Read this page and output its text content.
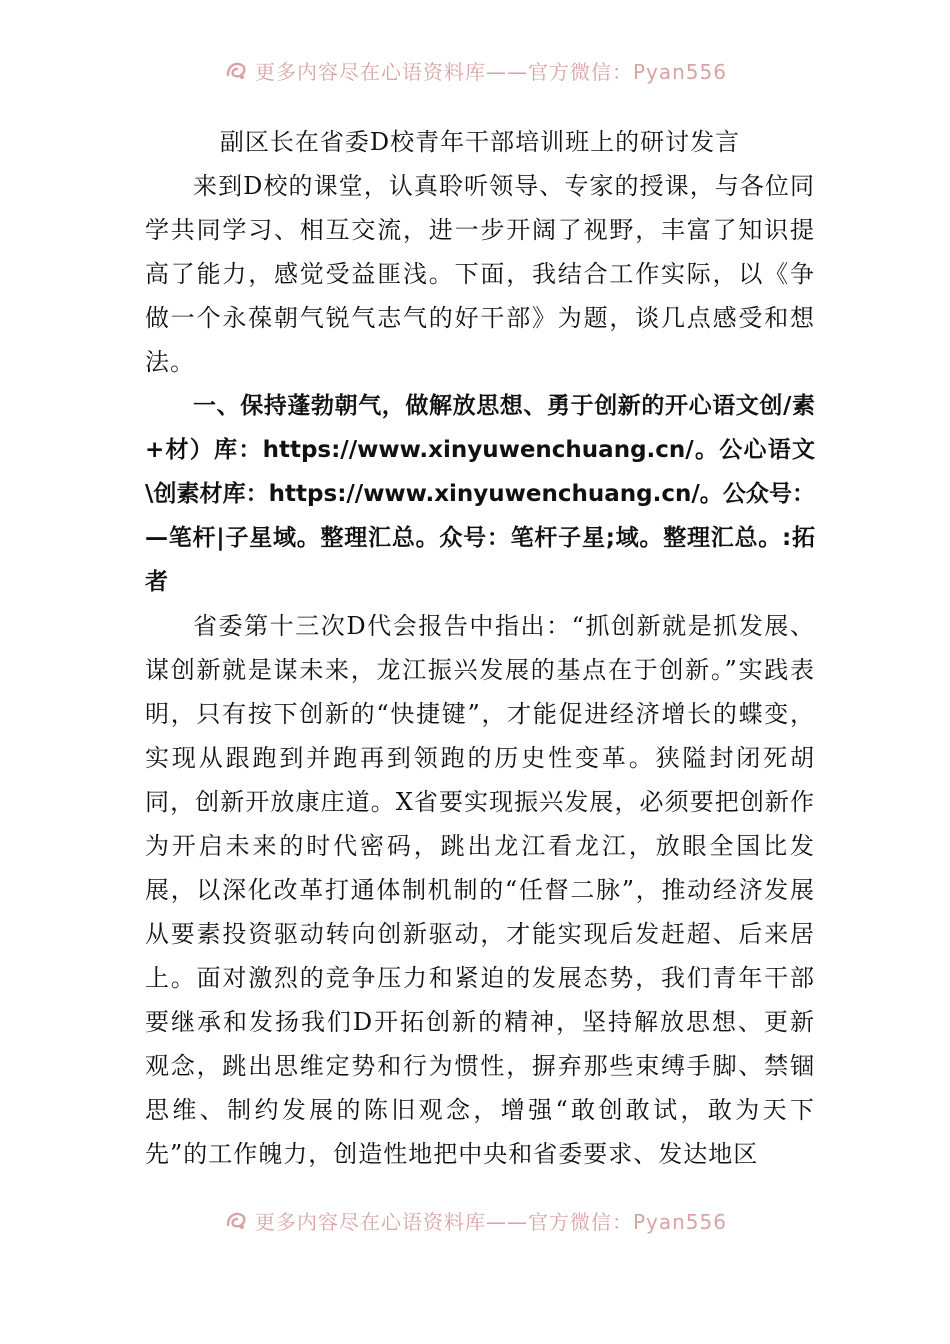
更多内容尽在心语资料库——官方微信：Pyan556
副区长在省委D校青年干部培训班上的研讨发言

来到D校的课堂，认真聆听领导、专家的授课，与各位同学共同学习、相互交流，进一步开阔了视野，丰富了知识提高了能力，感觉受益匪浅。下面，我结合工作实际，以《争做一个永葆朝气锐气志气的好干部》为题，谈几点感受和想法。

一、保持蓬勃朝气，做解放思想、勇于创新的开心语文创/素+材）库：https://www.xinyuwenchuang.cn/。公心语文\创素材库：https://www.xinyuwenchuang.cn/。公众号：—笔杆|子星域。整理汇总。众号：笔杆子星;域。整理汇总。:拓者

省委第十三次D代会报告中指出：“抓创新就是抓发展、谋创新就是谋未来，龙江振兴发展的基点在于创新。”实践表明，只有按下创新的“快捷键”，才能促进经济增长的蝶变，实现从跟跑到并跑再到领跑的历史性变革。狭隘封闭死胡同，创新开放康庄道。X省要实现振兴发展，必须要把创新作为开启未来的时代密码，跳出龙江看龙江，放眼全国比发展，以深化改革打通体制机制的“任督二脉”，推动经济发展从要素投资驱动转向创新驱动，才能实现后发赶超、后来居上。面对激烈的竞争压力和紧迫的发展态势，我们青年干部要继承和发扬我们D开拓创新的精神，坚持解放思想、更新观念，跳出思维定势和行为惯性，摒弃那些束缚手脚、禁锢思维、制约发展的陈旧观念，增强“敢创敢试，敢为天下先”的工作魄力，创造性地把中央和省委要求、发达地区

更多内容尽在心语资料库——官方微信：Pyan556
